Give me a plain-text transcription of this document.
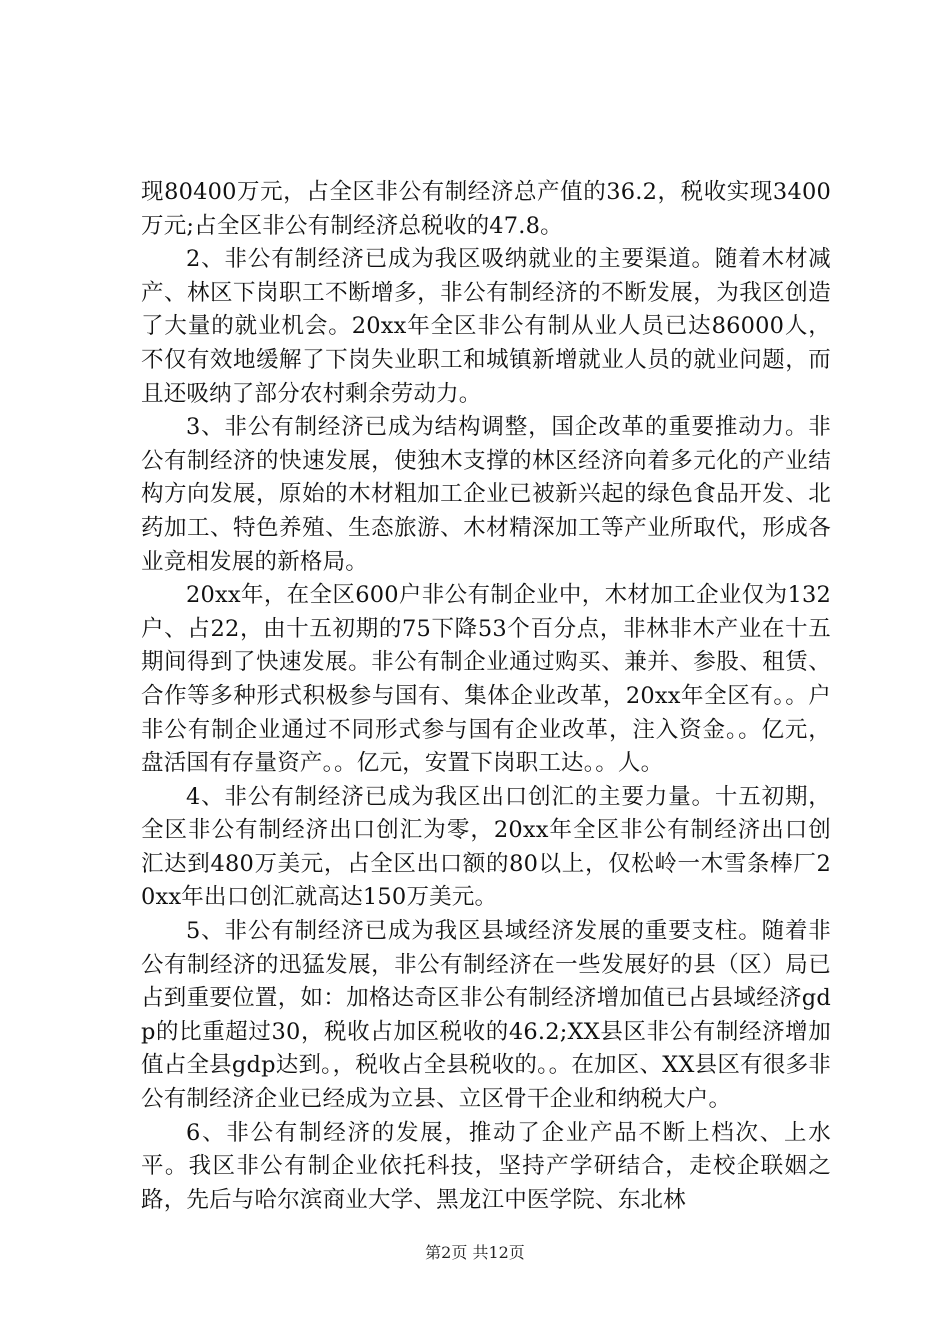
现80400万元，占全区非公有制经济总产值的36.2，税收实现3400万元;占全区非公有制经济总税收的47.8。

2、非公有制经济已成为我区吸纳就业的主要渠道。随着木材减产、林区下岗职工不断增多，非公有制经济的不断发展，为我区创造了大量的就业机会。20xx年全区非公有制从业人员已达86000人，不仅有效地缓解了下岗失业职工和城镇新增就业人员的就业问题，而且还吸纳了部分农村剩余劳动力。

3、非公有制经济已成为结构调整，国企改革的重要推动力。非公有制经济的快速发展，使独木支撑的林区经济向着多元化的产业结构方向发展，原始的木材粗加工企业已被新兴起的绿色食品开发、北药加工、特色养殖、生态旅游、木材精深加工等产业所取代，形成各业竞相发展的新格局。

20xx年，在全区600户非公有制企业中，木材加工企业仅为132户、占22，由十五初期的75下降53个百分点，非林非木产业在十五期间得到了快速发展。非公有制企业通过购买、兼并、参股、租赁、合作等多种形式积极参与国有、集体企业改革，20xx年全区有。。户非公有制企业通过不同形式参与国有企业改革，注入资金。。亿元，盘活国有存量资产。。亿元，安置下岗职工达。。人。

4、非公有制经济已成为我区出口创汇的主要力量。十五初期，全区非公有制经济出口创汇为零，20xx年全区非公有制经济出口创汇达到480万美元，占全区出口额的80以上，仅松岭一木雪条棒厂20xx年出口创汇就高达150万美元。

5、非公有制经济已成为我区县域经济发展的重要支柱。随着非公有制经济的迅猛发展，非公有制经济在一些发展好的县（区）局已占到重要位置，如：加格达奇区非公有制经济增加值已占县域经济gdp的比重超过30，税收占加区税收的46.2;XX县区非公有制经济增加值占全县gdp达到。，税收占全县税收的。。在加区、XX县区有很多非公有制经济企业已经成为立县、立区骨干企业和纳税大户。

6、非公有制经济的发展，推动了企业产品不断上档次、上水平。我区非公有制企业依托科技，坚持产学研结合，走校企联姻之路，先后与哈尔滨商业大学、黑龙江中医学院、东北林

第2页 共12页
